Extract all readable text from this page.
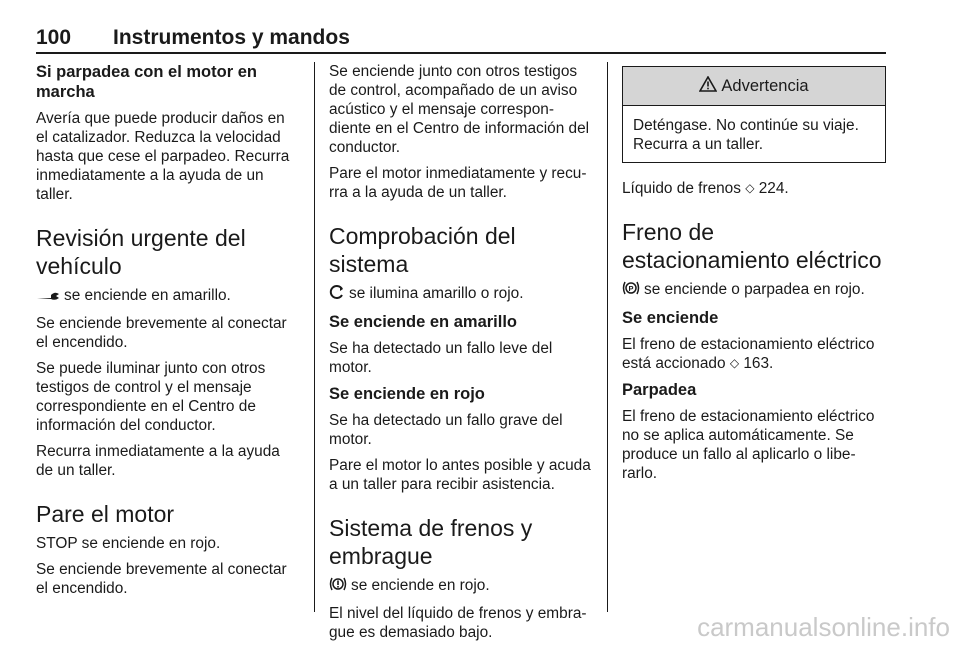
100 Instrumentos y mandos
Si parpadea con el motor en marcha

Avería que puede producir daños en el catalizador. Reduzca la velocidad hasta que cese el parpadeo. Recurra inmediatamente a la ayuda de un taller.

Revisión urgente del vehículo

se enciende en amarillo.

Se enciende brevemente al conectar el encendido.

Se puede iluminar junto con otros testigos de control y el mensaje correspondiente en el Centro de información del conductor.

Recurra inmediatamente a la ayuda de un taller.

Pare el motor

STOP se enciende en rojo.

Se enciende brevemente al conectar el encendido.

Se enciende junto con otros testigos de control, acompañado de un aviso acústico y el mensaje correspon-diente en el Centro de información del conductor.

Pare el motor inmediatamente y recu-rra a la ayuda de un taller.

Comprobación del sistema

se ilumina amarillo o rojo.

Se enciende en amarillo

Se ha detectado un fallo leve del motor.

Se enciende en rojo

Se ha detectado un fallo grave del motor.

Pare el motor lo antes posible y acuda a un taller para recibir asistencia.

Sistema de frenos y embrague

se enciende en rojo.

El nivel del líquido de frenos y embra-gue es demasiado bajo.

Advertencia
Deténgase. No continúe su viaje. Recurra a un taller.

Líquido de frenos ◇ 224.

Freno de estacionamiento eléctrico

P se enciende o parpadea en rojo.

Se enciende

El freno de estacionamiento eléctrico está accionado ◇ 163.

Parpadea

El freno de estacionamiento eléctrico no se aplica automáticamente. Se produce un fallo al aplicarlo o libe-rarlo.

carmanualsonline.info
